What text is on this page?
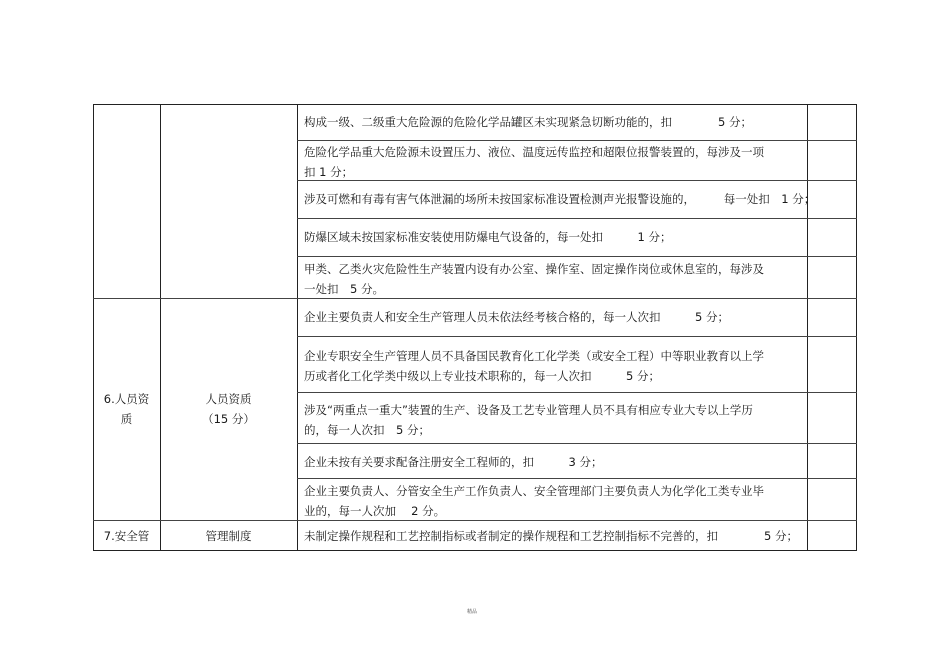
构成一级、二级重大危险源的危险化学品罐区未实现紧急切断功能的，扣　　　　5 分；
危险化学品重大危险源未设置压力、液位、温度远传监控和超限位报警装置的，每涉及一项
扣 1 分；
涉及可燃和有毒有害气体泄漏的场所未按国家标准设置检测声光报警设施的，　　　每一处扣　1 分；
防爆区域未按国家标准安装使用防爆电气设备的，每一处扣　　　1 分；
甲类、乙类火灾危险性生产装置内设有办公室、操作室、固定操作岗位或休息室的，每涉及
一处扣　5 分。
6.人员资
质
人员资质
（15 分）
企业主要负责人和安全生产管理人员未依法经考核合格的，每一人次扣　　　5 分；
企业专职安全生产管理人员不具备国民教育化工化学类（或安全工程）中等职业教育以上学
历或者化工化学类中级以上专业技术职称的，每一人次扣　　　5 分；
涉及“两重点一重大”装置的生产、设备及工艺专业管理人员不具有相应专业大专以上学历
的，每一人次扣　5 分；
企业未按有关要求配备注册安全工程师的，扣　　　3 分；
企业主要负责人、分管安全生产工作负责人、安全管理部门主要负责人为化学化工类专业毕
业的，每一人次加　 2 分。
7.安全管	管理制度	未制定操作规程和工艺控制指标或者制定的操作规程和工艺控制指标不完善的，扣　　　　5 分；
精品
